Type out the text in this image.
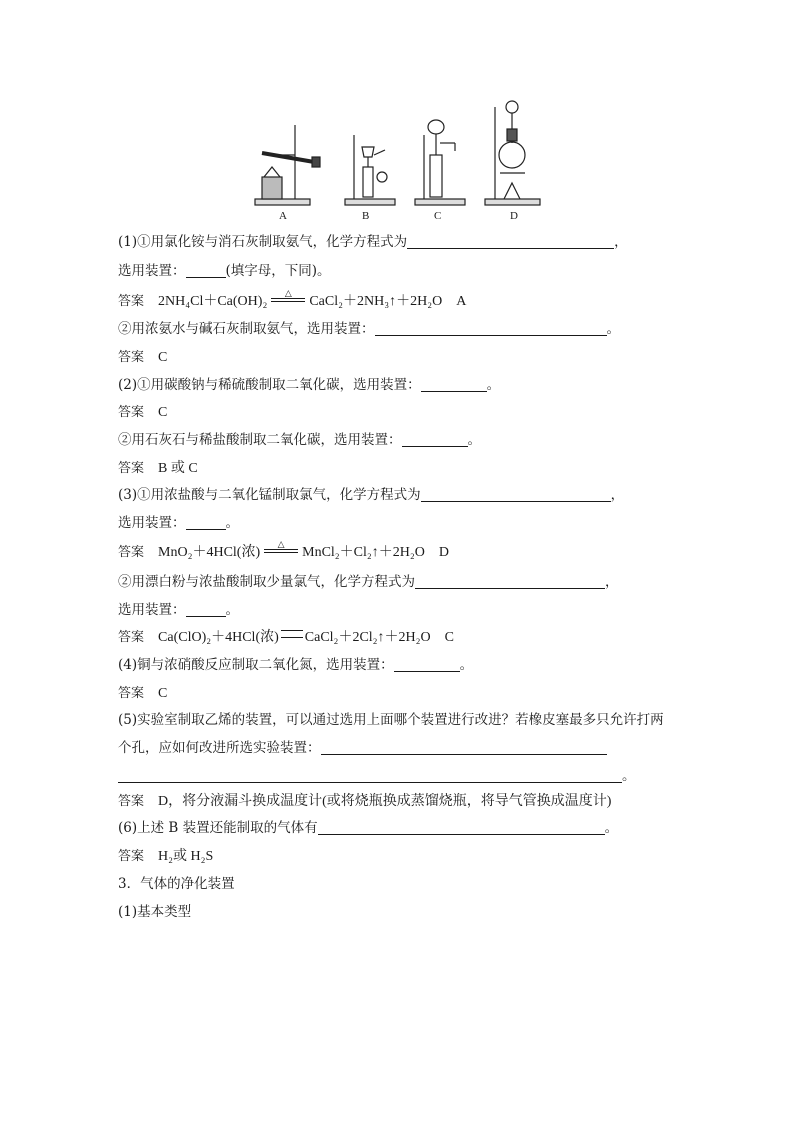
A	B	C	D
(1)①用氯化铵与消石灰制取氨气，化学方程式为	，
选用装置：	(填字母，下同)。
答案 2NH₄Cl＋Ca(OH)₂	△	CaCl₂＋2NH₃↑＋2H₂O　A
②用浓氨水与碱石灰制取氨气，选用装置：	。
答案 C
(2)①用碳酸钠与稀硫酸制取二氧化碳，选用装置：	。
答案 C
②用石灰石与稀盐酸制取二氧化碳，选用装置：	。
答案 B 或 C
(3)①用浓盐酸与二氧化锰制取氯气，化学方程式为	，
选用装置：	。
答案 MnO₂＋4HCl(浓)	△	MnCl₂＋Cl₂↑＋2H₂O　D
②用漂白粉与浓盐酸制取少量氯气，化学方程式为	，
选用装置：	。
答案 Ca(ClO)₂＋4HCl(浓) CaCl₂＋2Cl₂↑＋2H₂O　C
(4)铜与浓硝酸反应制取二氧化氮，选用装置：	。
答案 C
(5)实验室制取乙烯的装置，可以通过选用上面哪个装置进行改进？若橡皮塞最多只允许打两
个孔，应如何改进所选实验装置：
。
答案 D，将分液漏斗换成温度计(或将烧瓶换成蒸馏烧瓶，将导气管换成温度计)
(6)上述 B 装置还能制取的气体有	。
答案 H₂或 H₂S
3．气体的净化装置
(1)基本类型
